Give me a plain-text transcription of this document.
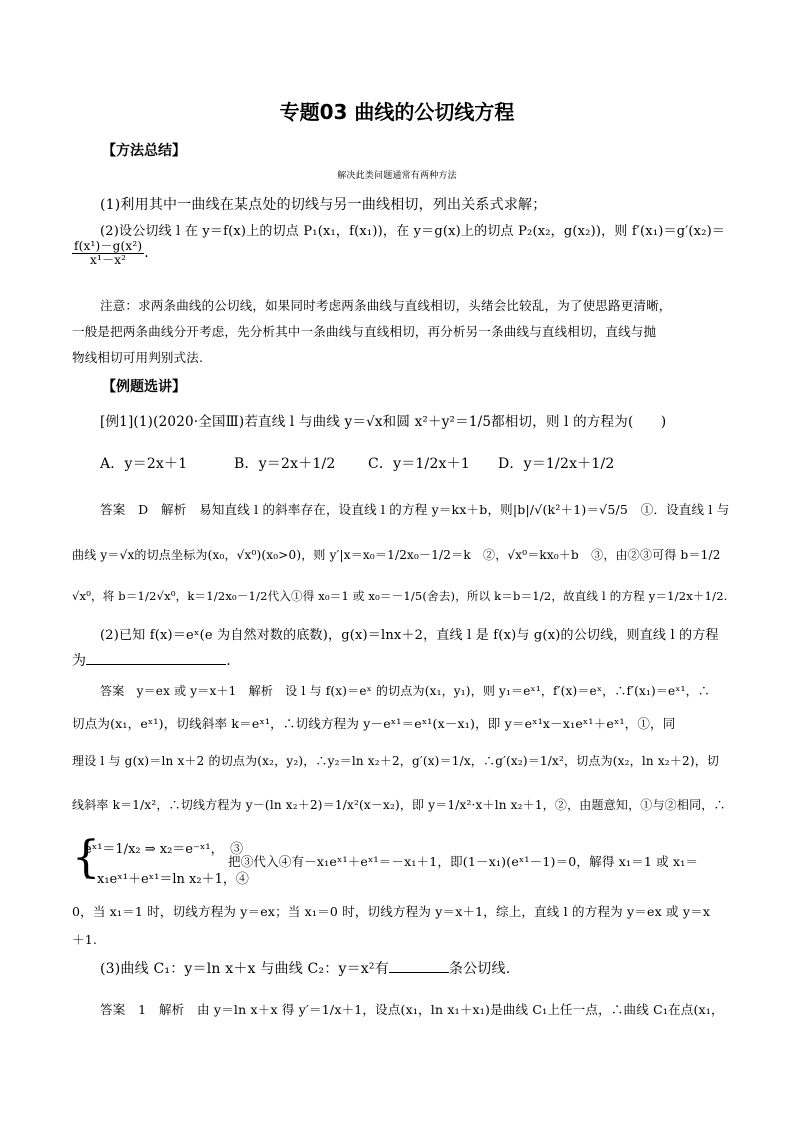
专题03 曲线的公切线方程
【方法总结】
解决此类问题通常有两种方法
(1)利用其中一曲线在某点处的切线与另一曲线相切，列出关系式求解；
(2)设公切线 l 在 y＝f(x)上的切点 P₁(x₁，f(x₁))，在 y＝g(x)上的切点 P₂(x₂，g(x₂))，则 f′(x₁)＝g′(x₂)＝
$\frac{\text{f(x¹)－g(x²)}}{\text{x¹－x²}}$ .
注意：求两条曲线的公切线，如果同时考虑两条曲线与直线相切，头绪会比较乱，为了使思路更清晰，
一般是把两条曲线分开考虑，先分析其中一条曲线与直线相切，再分析另一条曲线与直线相切，直线与抛
物线相切可用判别式法.
【例题选讲】
[例1](1)(2020·全国Ⅲ)若直线 l 与曲线 y＝√x和圆 x²＋y²＝1/5都相切，则 l 的方程为(　　)
A．y＝2x＋1	B．y＝2x＋1/2 C．y＝1/2x＋1 D．y＝1/2x＋1/2
答案　D　解析　易知直线 l 的斜率存在，设直线 l 的方程 y＝kx＋b，则|b|/√(k²＋1)＝√5/5　①．设直线 l 与
曲线 y＝√x的切点坐标为(x₀，√x⁰)(x₀>0)，则 y′|x＝x₀＝1/2x₀－1/2＝k　②，√x⁰＝kx₀＋b　③，由②③可得 b＝1/2
√x⁰，将 b＝1/2√x⁰，k＝1/2x₀－1/2代入①得 x₀＝1 或 x₀＝－1/5(舍去)，所以 k＝b＝1/2，故直线 l 的方程 y＝1/2x＋1/2.
(2)已知 f(x)＝eˣ(e 为自然对数的底数)，g(x)＝lnx＋2，直线 l 是 f(x)与 g(x)的公切线，则直线 l 的方程
为	.
答案　y＝ex 或 y＝x＋1　解析　设 l 与 f(x)＝eˣ 的切点为(x₁，y₁)，则 y₁＝eˣ¹，f′(x)＝eˣ，∴f′(x₁)＝eˣ¹，∴
切点为(x₁，eˣ¹)，切线斜率 k＝eˣ¹，∴切线方程为 y－eˣ¹＝eˣ¹(x－x₁)，即 y＝eˣ¹x－x₁eˣ¹＋eˣ¹，①，同
理设 l 与 g(x)＝ln x＋2 的切点为(x₂，y₂)，∴y₂＝ln x₂＋2，g′(x)＝1/x，∴g′(x₂)＝1/x²，切点为(x₂，ln x₂＋2)，切
线斜率 k＝1/x²，∴切线方程为 y－(ln x₂＋2)＝1/x²(x－x₂)，即 y＝1/x²·x＋ln x₂＋1，②，由题意知，①与②相同，∴
{
eˣ¹＝1/x₂ ⇒ x₂＝e⁻ˣ¹，　③
－x₁eˣ¹＋eˣ¹＝ln x₂＋1，④
把③代入④有－x₁eˣ¹＋eˣ¹＝－x₁＋1，即(1－x₁)(eˣ¹－1)＝0，解得 x₁＝1 或 x₁＝
0，当 x₁＝1 时，切线方程为 y＝ex；当 x₁＝0 时，切线方程为 y＝x＋1，综上，直线 l 的方程为 y＝ex 或 y＝x
＋1.
(3)曲线 C₁：y＝ln x＋x 与曲线 C₂：y＝x²有	条公切线.
答案　1　解析　由 y＝ln x＋x 得 y′＝1/x＋1，设点(x₁，ln x₁＋x₁)是曲线 C₁上任一点，∴曲线 C₁在点(x₁，
